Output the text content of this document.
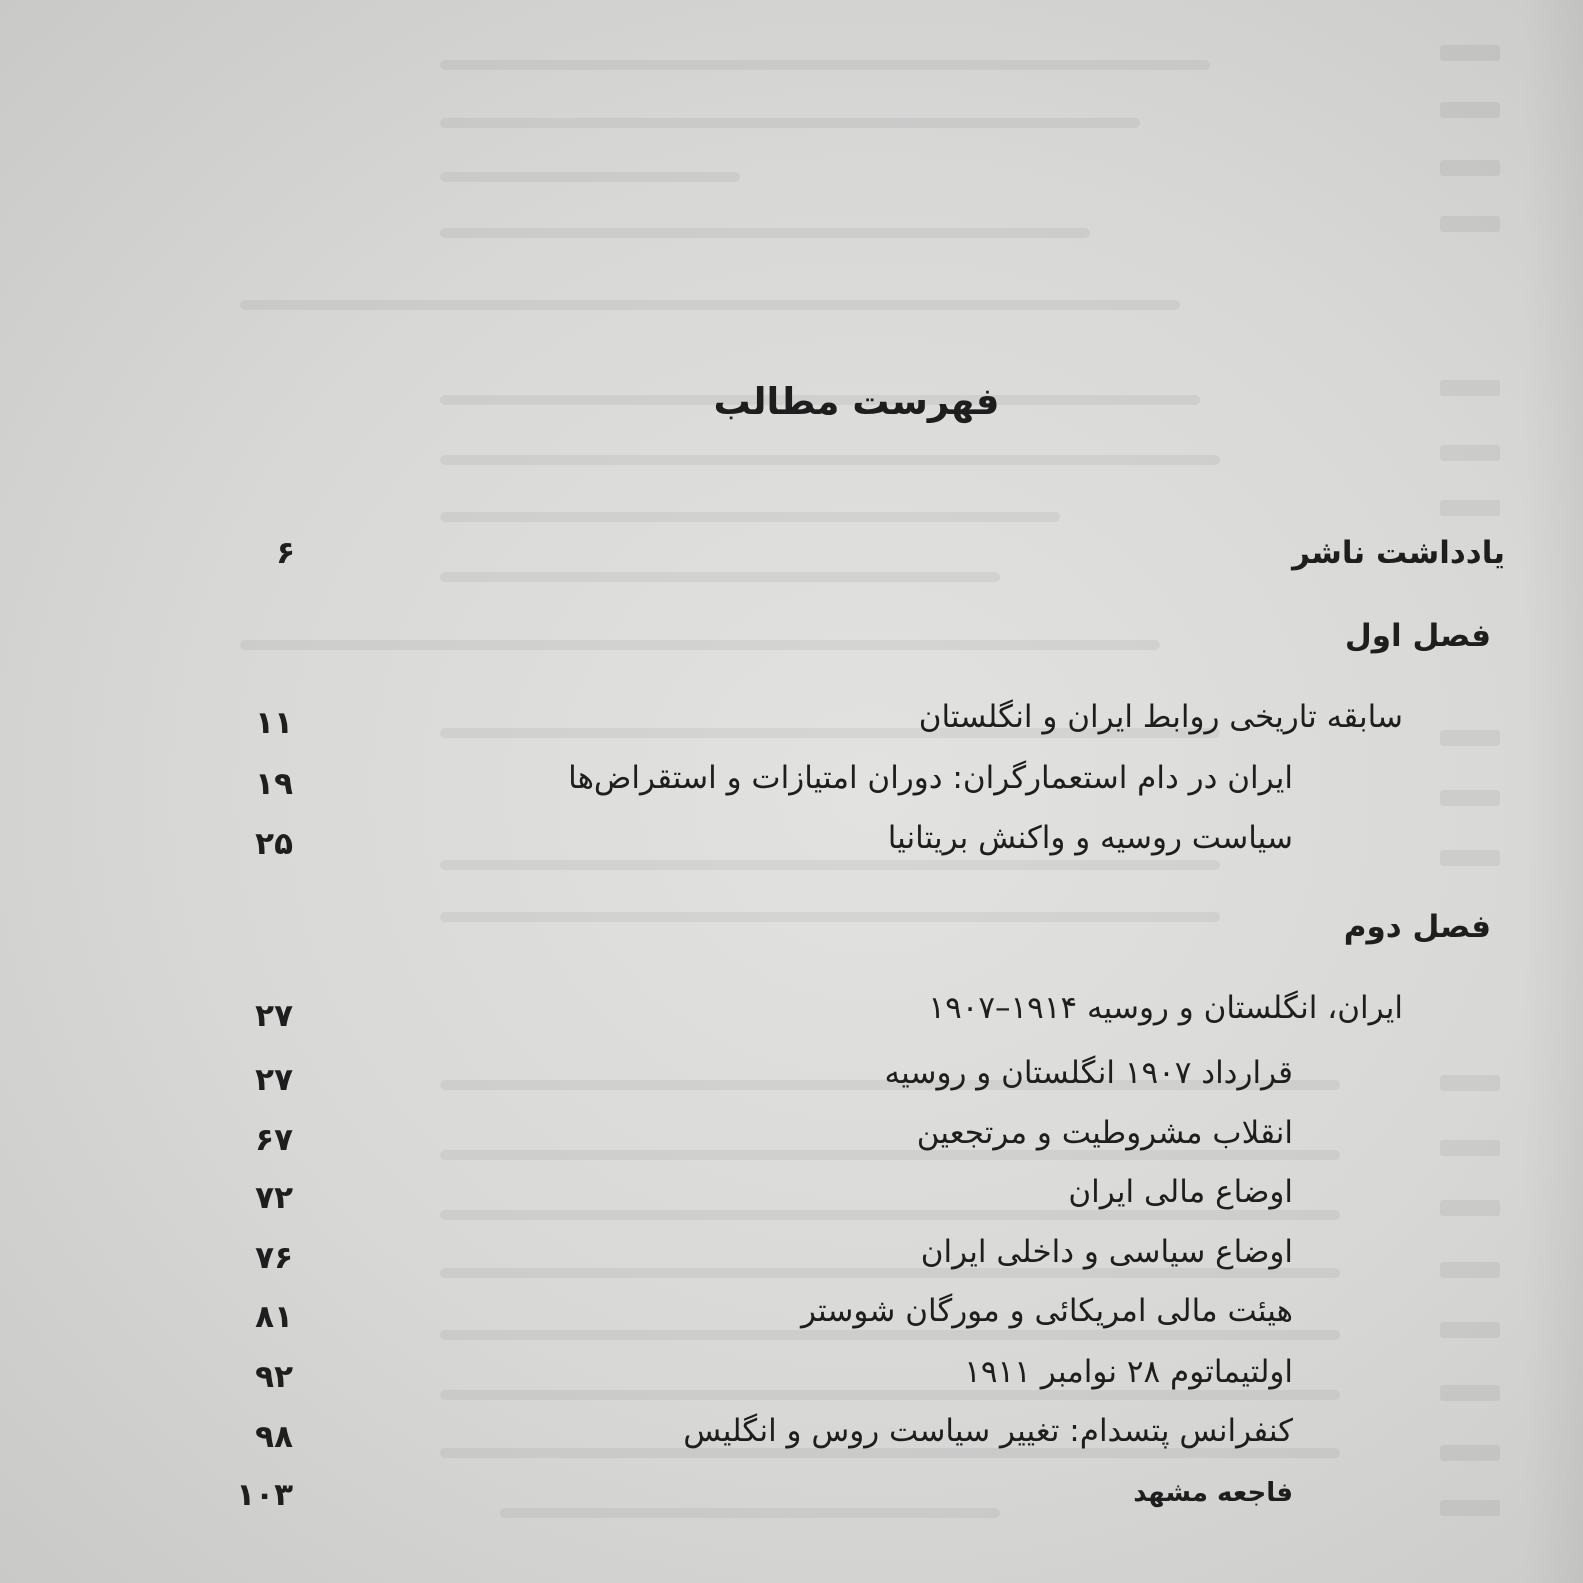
فهرست مطالب
یادداشت ناشر
۶
فصل اول
سابقه تاریخی روابط ایران و انگلستان
۱۱
ایران در دام استعمارگران: دوران امتیازات و استقراض‌ها
۱۹
سیاست روسیه و واکنش بریتانیا
۲۵
فصل دوم
ایران، انگلستان و روسیه ۱۹۱۴–۱۹۰۷
۲۷
قرارداد ۱۹۰۷ انگلستان و روسیه
۲۷
انقلاب مشروطیت و مرتجعین
۶۷
اوضاع مالی ایران
۷۲
اوضاع سیاسی و داخلی ایران
۷۶
هیئت مالی امریکائی و مورگان شوستر
۸۱
اولتیماتوم ۲۸ نوامبر ۱۹۱۱
۹۲
کنفرانس پتسدام: تغییر سیاست روس و انگلیس
۹۸
فاجعه مشهد
۱۰۳
